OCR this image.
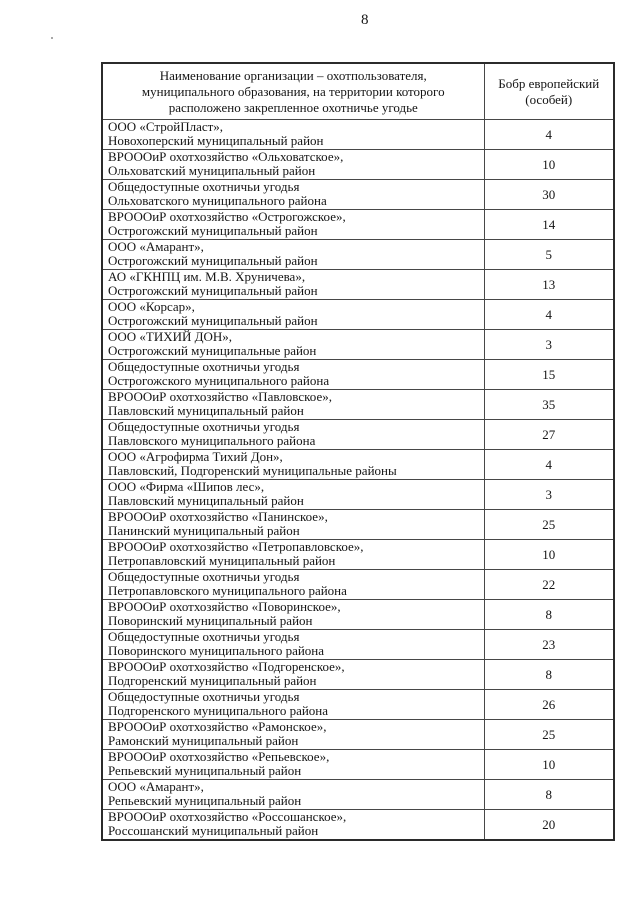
8
Наименование организации – охотпользователя, муниципального образования, на территории которого расположено закрепленное охотничье угодье	Бобр европейский (особей)

ООО «СтройПласт»,
Новохоперский муниципальный район	4

ВРОООиР охотхозяйство «Ольховатское»,
Ольховатский муниципальный район	10

Общедоступные охотничьи угодья
Ольховатского муниципального района	30

ВРОООиР охотхозяйство «Острогожское»,
Острогожский муниципальный район	14

ООО «Амарант»,
Острогожский муниципальный район	5

АО «ГКНПЦ им. М.В. Хруничева»,
Острогожский муниципальный район	13

ООО «Корсар»,
Острогожский муниципальный район	4

ООО «ТИХИЙ ДОН»,
Острогожский муниципальные район	3

Общедоступные охотничьи угодья
Острогожского муниципального района	15

ВРОООиР охотхозяйство «Павловское»,
Павловский муниципальный район	35

Общедоступные охотничьи угодья
Павловского муниципального района	27

ООО «Агрофирма Тихий Дон»,
Павловский, Подгоренский муниципальные районы	4

ООО «Фирма «Шипов лес»,
Павловский муниципальный район	3

ВРОООиР охотхозяйство «Панинское»,
Панинский муниципальный район	25

ВРОООиР охотхозяйство «Петропавловское»,
Петропавловский муниципальный район	10

Общедоступные охотничьи угодья
Петропавловского муниципального района	22

ВРОООиР охотхозяйство «Поворинское»,
Поворинский муниципальный район	8

Общедоступные охотничьи угодья
Поворинского муниципального района	23

ВРОООиР охотхозяйство «Подгоренское»,
Подгоренский муниципальный район	8

Общедоступные охотничьи угодья
Подгоренского муниципального района	26

ВРОООиР охотхозяйство «Рамонское»,
Рамонский муниципальный район	25

ВРОООиР охотхозяйство «Репьевское»,
Репьевский муниципальный район	10

ООО «Амарант»,
Репьевский муниципальный район	8

ВРОООиР охотхозяйство «Россошанское»,
Россошанский муниципальный район	20
